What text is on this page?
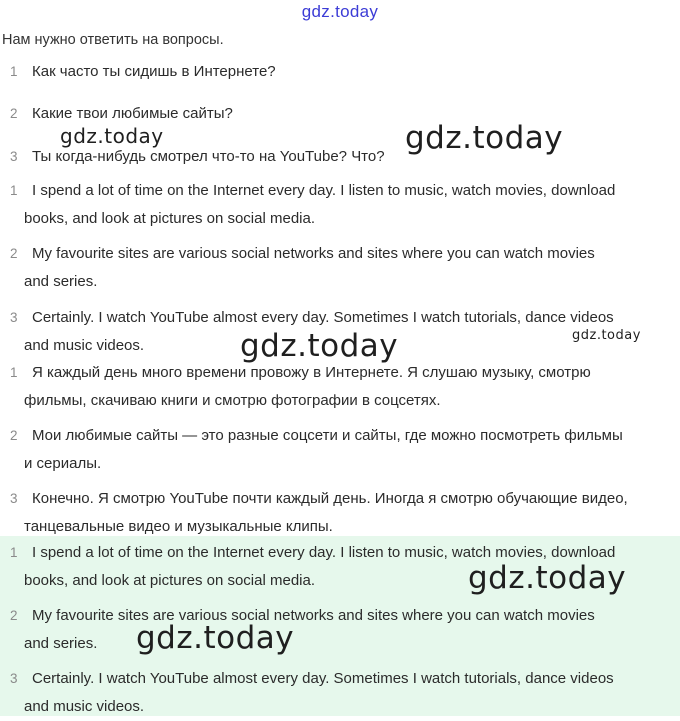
gdz.today
Нам нужно ответить на вопросы.
1 Как часто ты сидишь в Интернете?
2 Какие твои любимые сайты?
3 Ты когда-нибудь смотрел что-то на YouTube? Что?
1 I spend a lot of time on the Internet every day. I listen to music, watch movies, download
books, and look at pictures on social media.
2 My favourite sites are various social networks and sites where you can watch movies
and series.
3 Certainly. I watch YouTube almost every day. Sometimes I watch tutorials, dance videos
and music videos.
1 Я каждый день много времени провожу в Интернете. Я слушаю музыку, смотрю
фильмы, скачиваю книги и смотрю фотографии в соцсетях.
2 Мои любимые сайты — это разные соцсети и сайты, где можно посмотреть фильмы
и сериалы.
3 Конечно. Я смотрю YouTube почти каждый день. Иногда я смотрю обучающие видео,
танцевальные видео и музыкальные клипы.
1 I spend a lot of time on the Internet every day. I listen to music, watch movies, download
books, and look at pictures on social media.
2 My favourite sites are various social networks and sites where you can watch movies
and series.
3 Certainly. I watch YouTube almost every day. Sometimes I watch tutorials, dance videos
and music videos.
gdz.today	gdz.today
gdz.today	gdz.today
gdz.today
gdz.today
